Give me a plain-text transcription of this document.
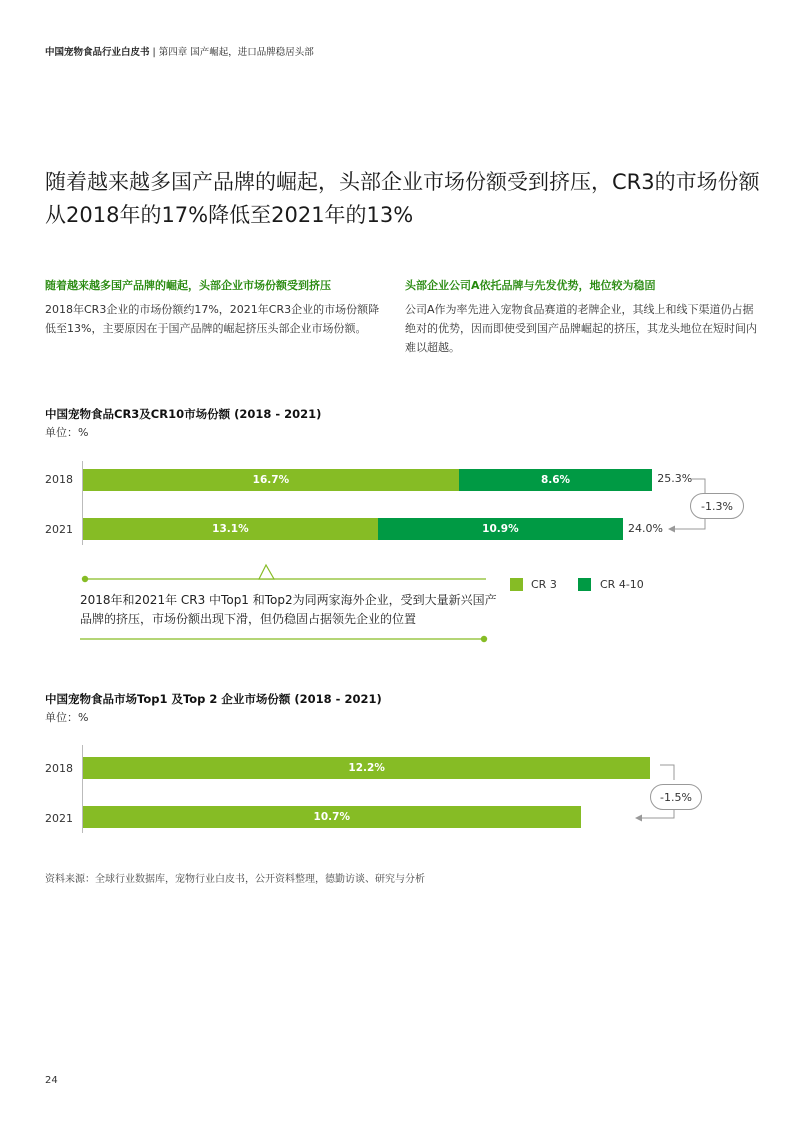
中国宠物食品行业白皮书 | 第四章 国产崛起，进口品牌稳居头部
随着越来越多国产品牌的崛起，头部企业市场份额受到挤压，CR3的市场份额从2018年的17%降低至2021年的13%
随着越来越多国产品牌的崛起，头部企业市场份额受到挤压
2018年CR3企业的市场份额约17%，2021年CR3企业的市场份额降低至13%，主要原因在于国产品牌的崛起挤压头部企业市场份额。
头部企业公司A依托品牌与先发优势，地位较为稳固
公司A作为率先进入宠物食品赛道的老牌企业，其线上和线下渠道仍占据绝对的优势，因而即使受到国产品牌崛起的挤压，其龙头地位在短时间内难以超越。
中国宠物食品CR3及CR10市场份额 (2018 - 2021)
单位：%
2018
2021
16.7%	8.6%
13.1%	10.9%
25.3%
24.0%
-1.3%
CR 3	CR 4-10
2018年和2021年 CR3 中Top1 和Top2为同两家海外企业，受到大量新兴国产品牌的挤压，市场份额出现下滑，但仍稳固占据领先企业的位置
中国宠物食品市场Top1 及Top 2 企业市场份额 (2018 - 2021)
单位：%
2018
2021
12.2%
10.7%
-1.5%
资料来源：全球行业数据库，宠物行业白皮书，公开资料整理，德勤访谈、研究与分析
24
